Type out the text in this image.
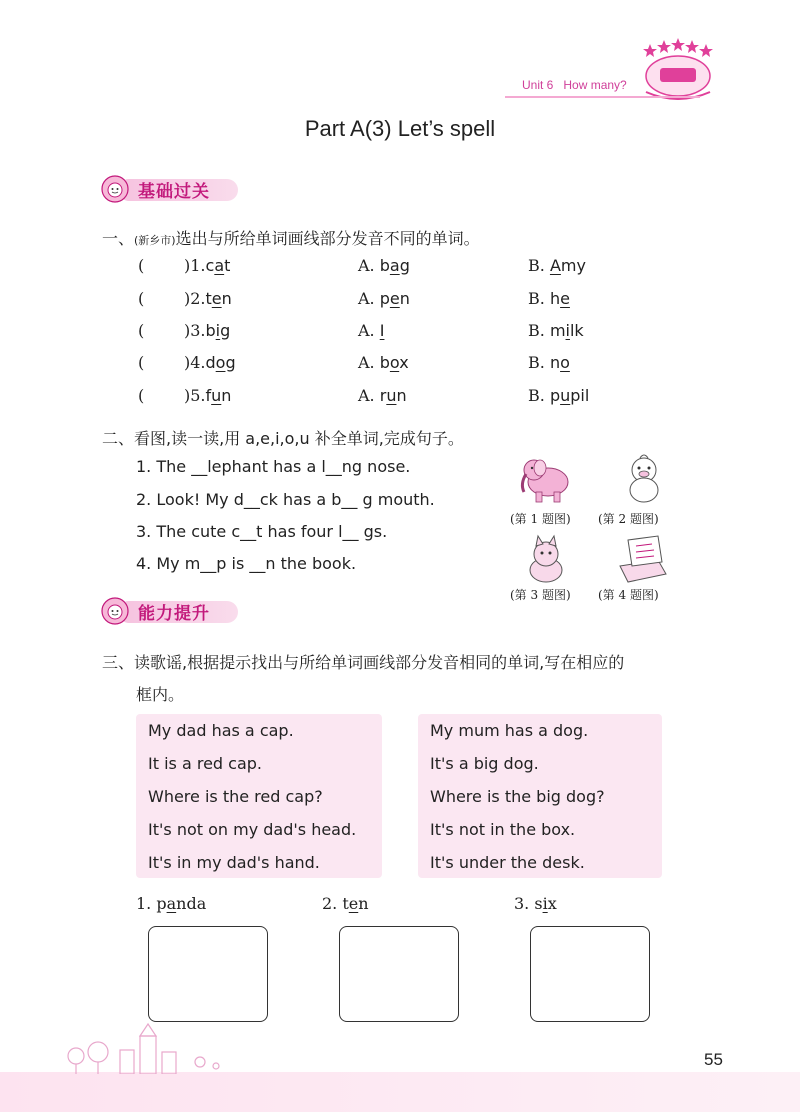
Unit 6 How many?
Part A(3) Let’s spell
基础过关
一、(新乡市)选出与所给单词画线部分发音不同的单词。
( )1.cat	A. bag	B. Amy
( )2.ten	A. pen	B. he
( )3.big	A. I	B. milk
( )4.dog	A. box	B. no
( )5.fun	A. run	B. pupil
二、看图,读一读,用 a,e,i,o,u 补全单词,完成句子。
1. The __lephant has a l__ng nose.
2. Look! My d__ck has a b__ g mouth.
3. The cute c__t has four l__ gs.
4. My m__p is __n the book.
(第 1 题图) (第 2 题图)
(第 3 题图) (第 4 题图)
能力提升
三、读歌谣,根据提示找出与所给单词画线部分发音相同的单词,写在相应的
框内。
My dad has a cap.
It is a red cap.
Where is the red cap?
It's not on my dad's head.
It's in my dad's hand.
My mum has a dog.
It's a big dog.
Where is the big dog?
It's not in the box.
It's under the desk.
1. panda	2. ten	3. six
55
